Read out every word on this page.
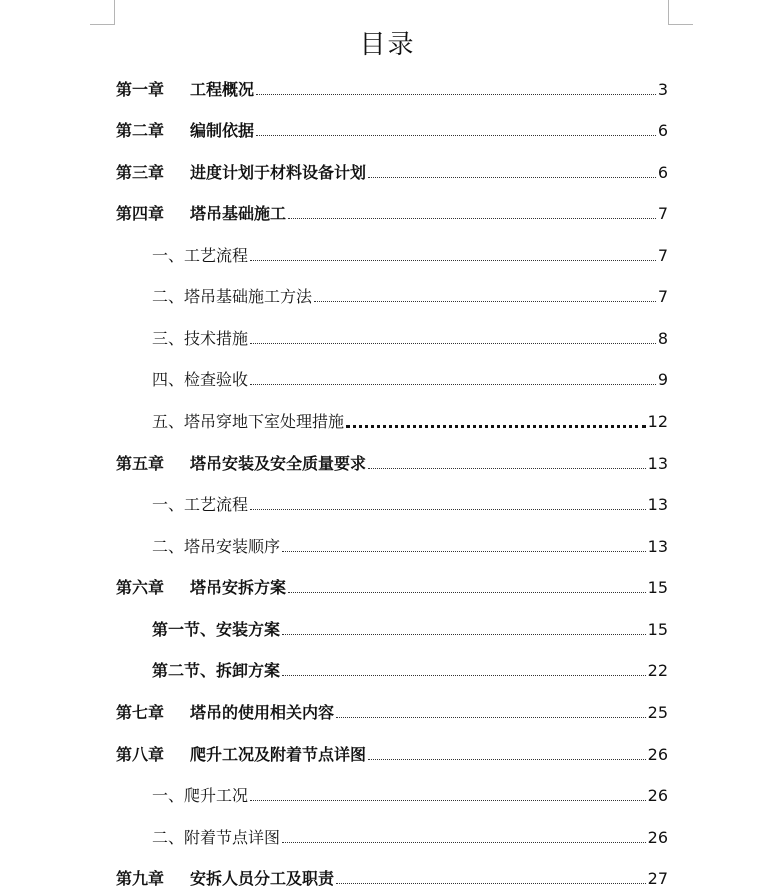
目录
第一章	工程概况	3
第二章	编制依据	6
第三章	进度计划于材料设备计划	6
第四章	塔吊基础施工	7
一、工艺流程	7
二、塔吊基础施工方法	7
三、技术措施	8
四、检查验收	9
五、塔吊穿地下室处理措施	12
第五章	塔吊安装及安全质量要求	13
一、工艺流程	13
二、塔吊安装顺序	13
第六章	塔吊安拆方案	15
第一节、安装方案	15
第二节、拆卸方案	22
第七章	塔吊的使用相关内容	25
第八章	爬升工况及附着节点详图	26
一、爬升工况	26
二、附着节点详图	26
第九章	安拆人员分工及职责	27
